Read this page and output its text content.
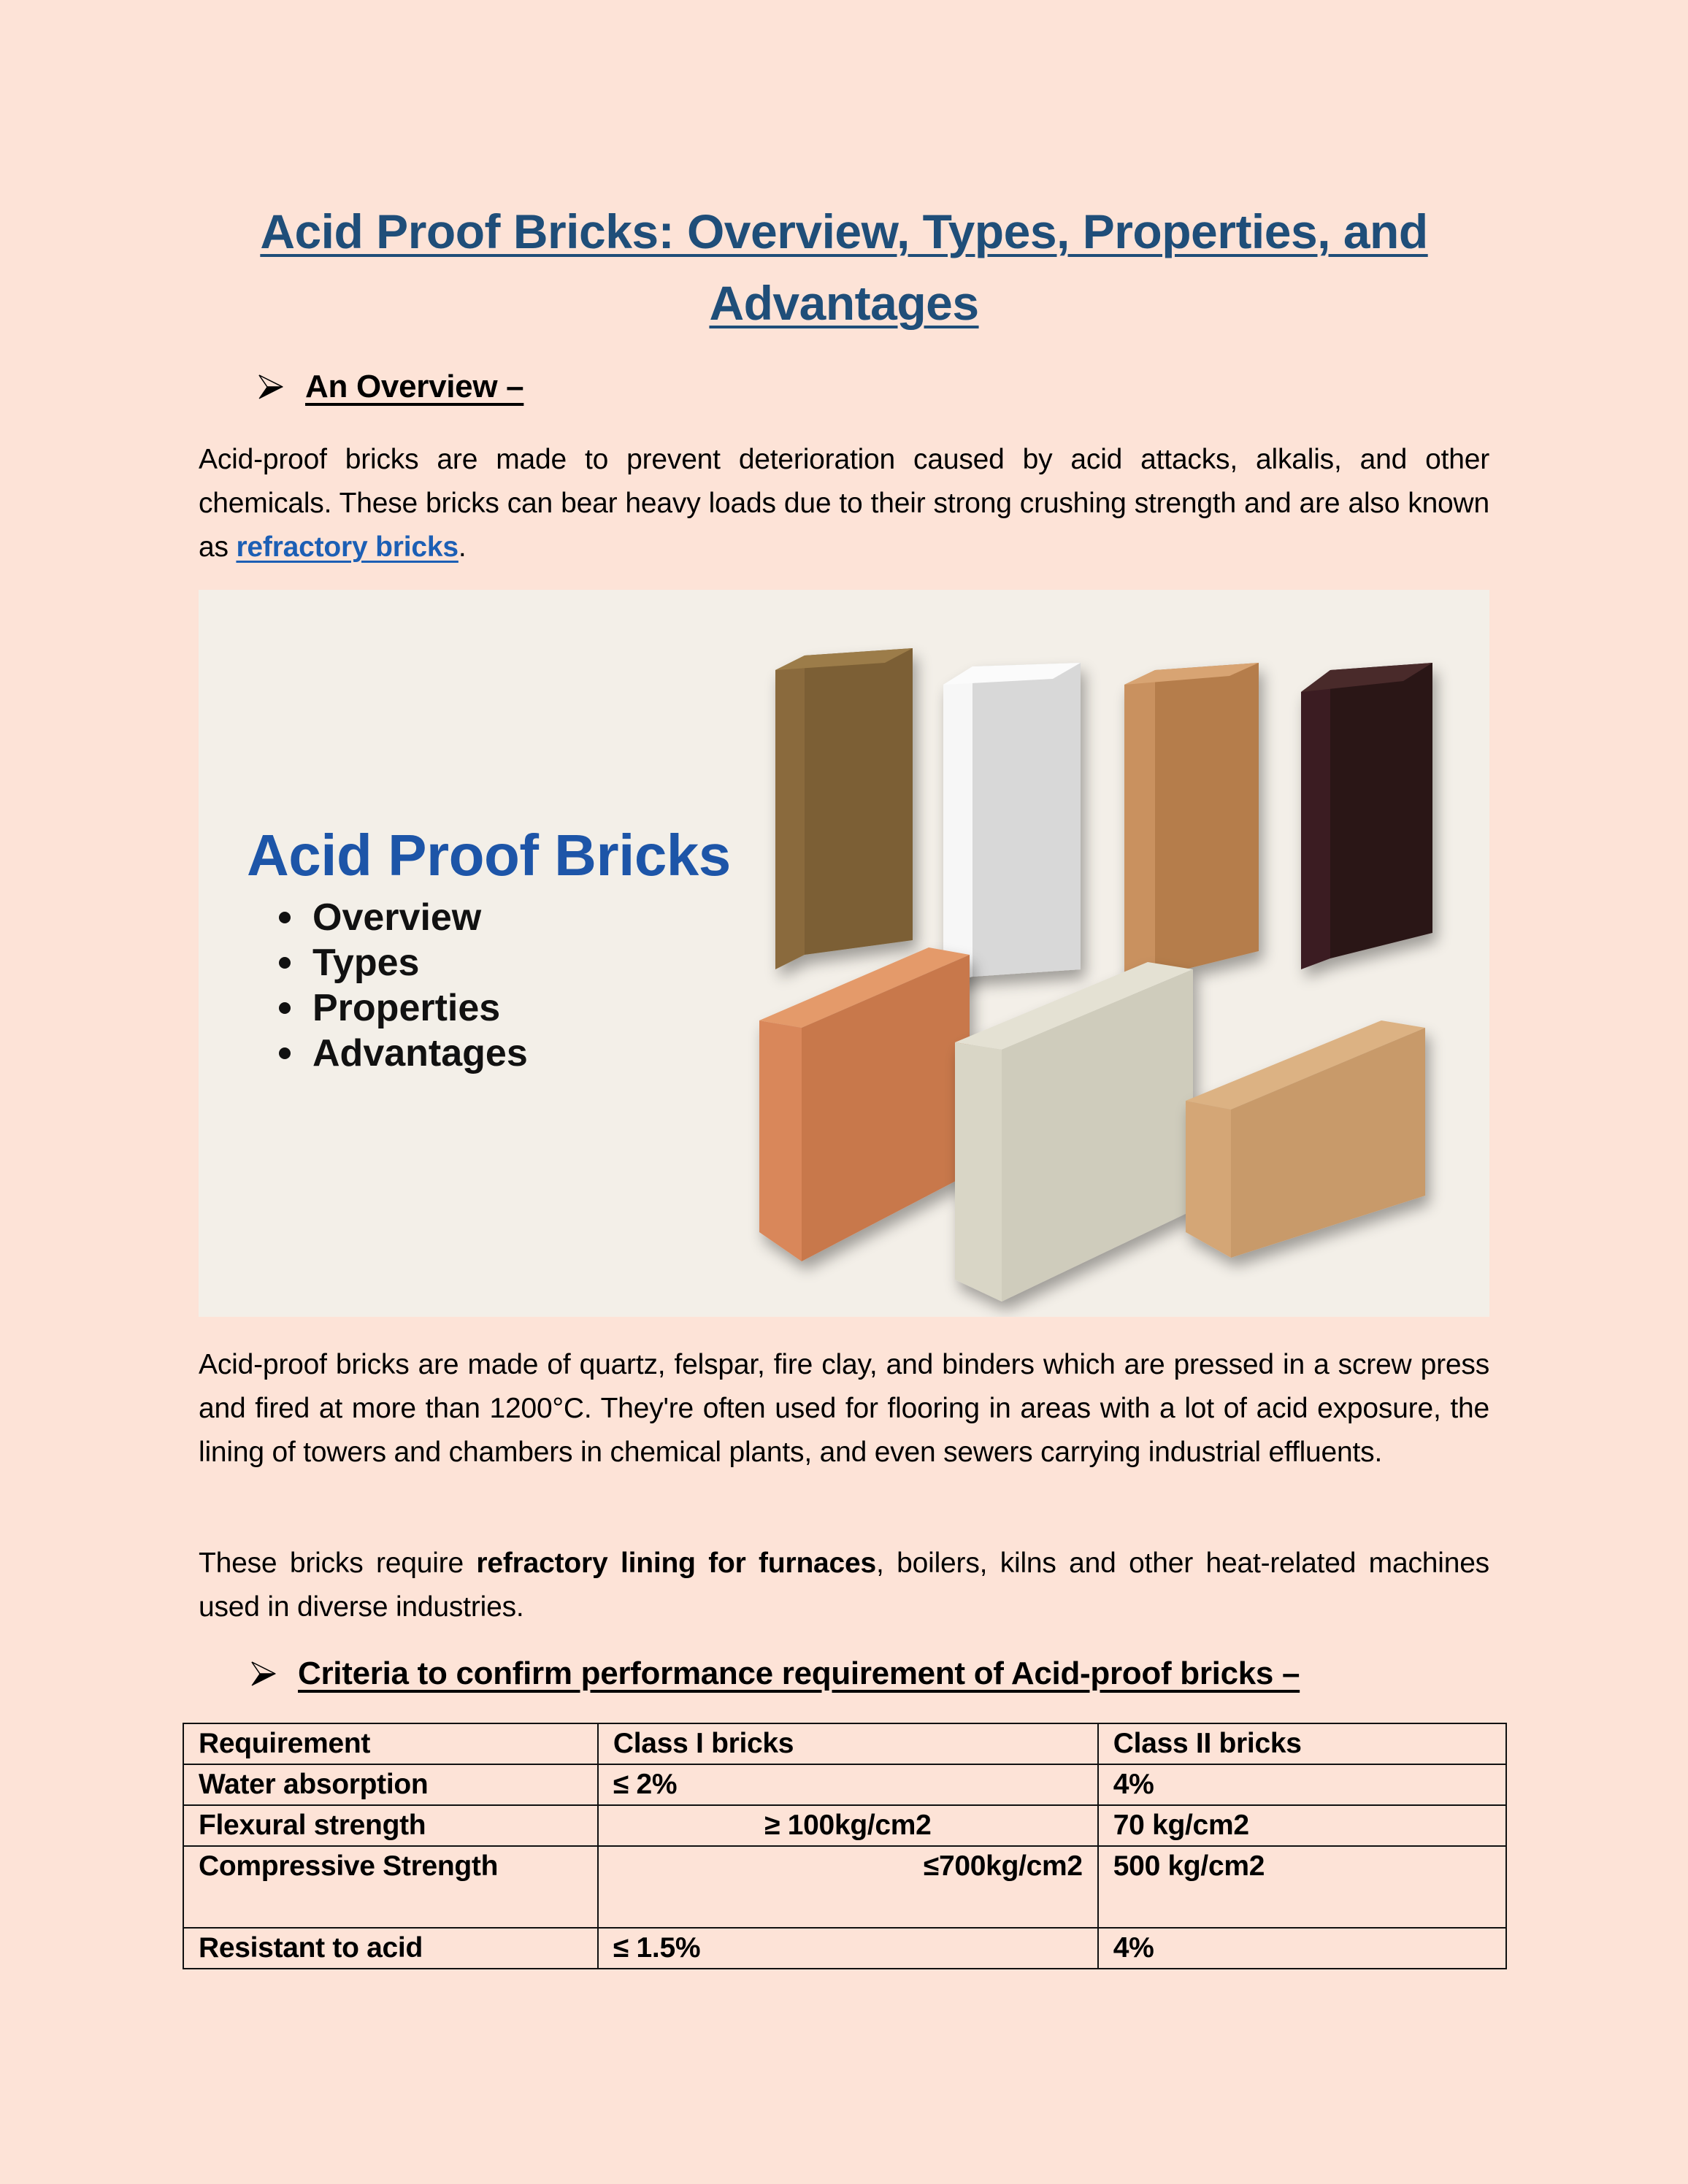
Acid Proof Bricks: Overview, Types, Properties, and
Advantages
An Overview –
Acid-proof bricks are made to prevent deterioration caused by acid attacks, alkalis, and other chemicals. These bricks can bear heavy loads due to their strong crushing strength and are also known as refractory bricks.
Acid Proof Bricks
Overview
Types
Properties
Advantages
Acid-proof bricks are made of quartz, felspar, fire clay, and binders which are pressed in a screw press and fired at more than 1200°C. They're often used for flooring in areas with a lot of acid exposure, the lining of towers and chambers in chemical plants, and even sewers carrying industrial effluents.
These bricks require refractory lining for furnaces, boilers, kilns and other heat-related machines used in diverse industries.
Criteria to confirm performance requirement of Acid-proof bricks –
Requirement	Class I bricks	Class II bricks
Water absorption	≤ 2%	4%
Flexural strength	≥ 100kg/cm2	70 kg/cm2
Compressive Strength	≤700kg/cm2	500 kg/cm2
Resistant to acid	≤ 1.5%	4%
